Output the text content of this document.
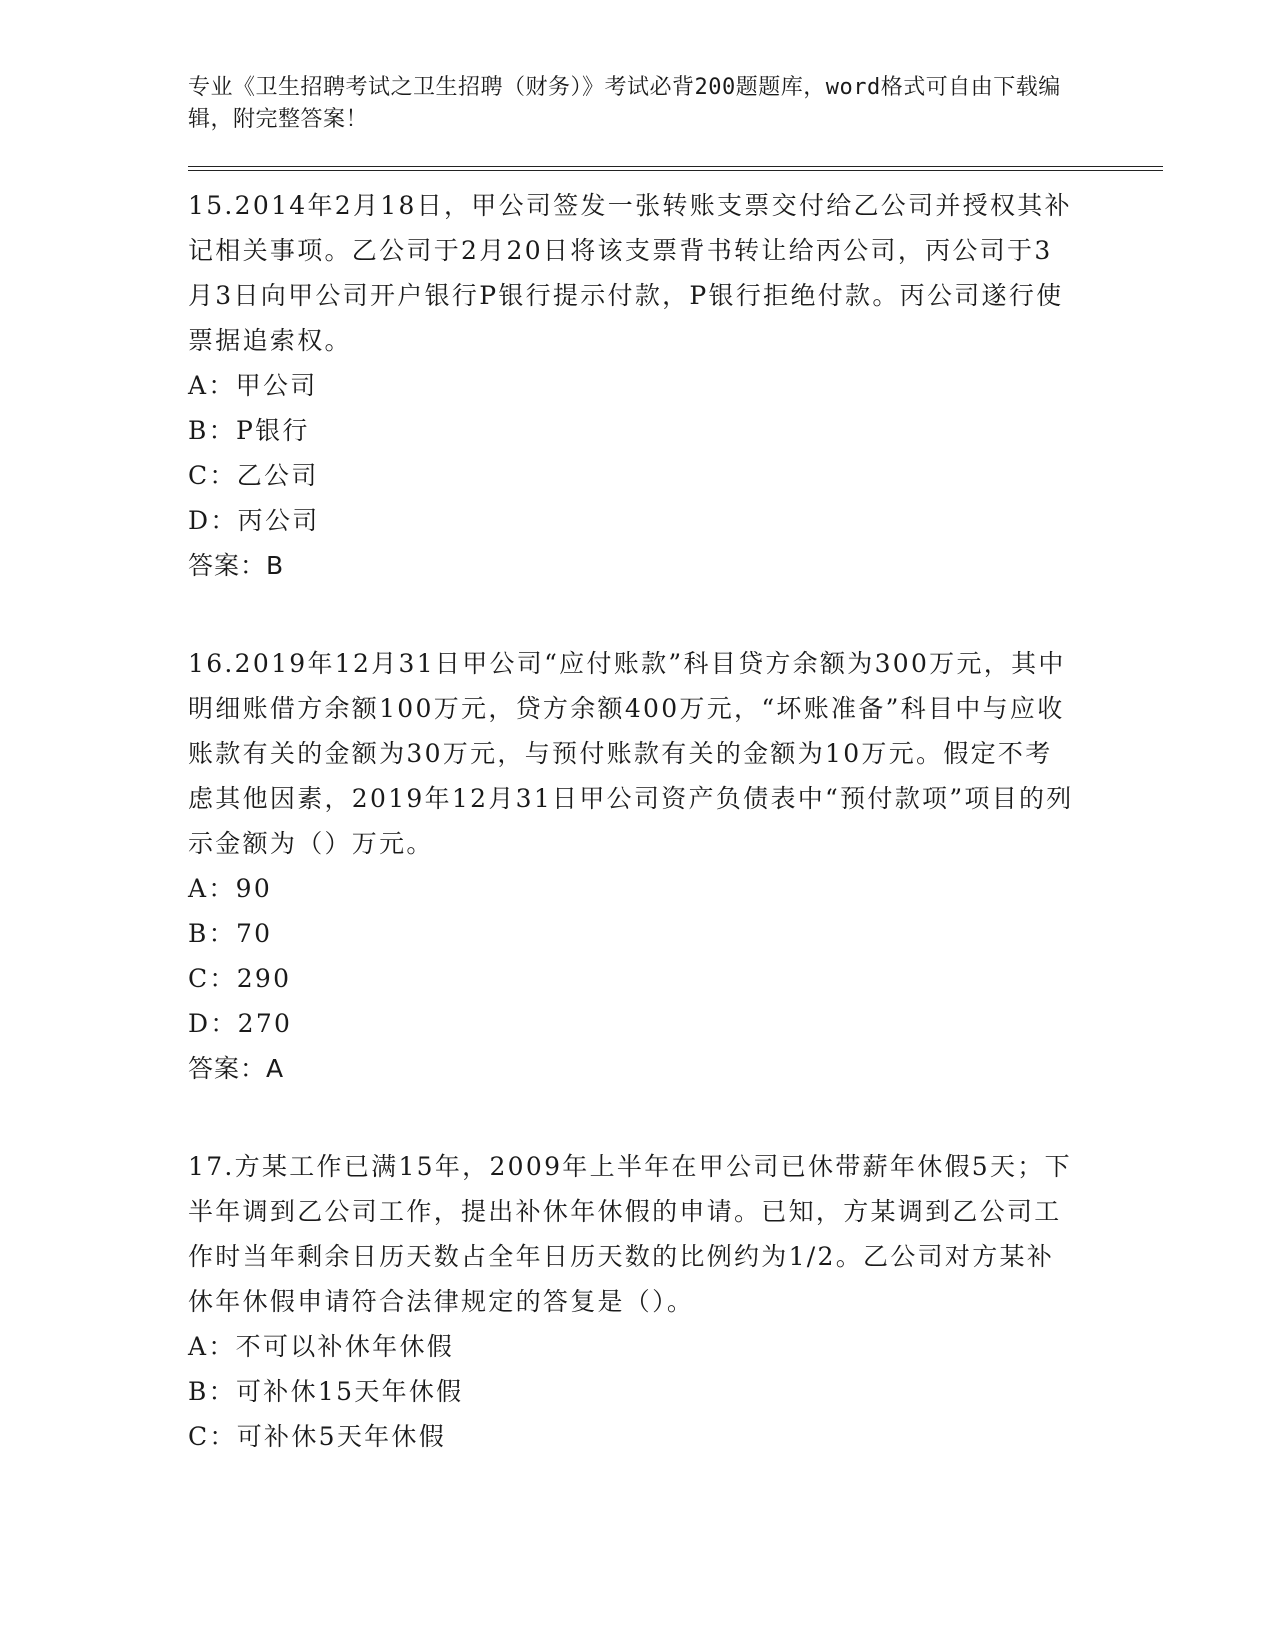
专业《卫生招聘考试之卫生招聘（财务）》考试必背200题题库，word格式可自由下载编辑，附完整答案！

15.2014年2月18日，甲公司签发一张转账支票交付给乙公司并授权其补记相关事项。乙公司于2月20日将该支票背书转让给丙公司，丙公司于3月3日向甲公司开户银行P银行提示付款，P银行拒绝付款。丙公司遂行使票据追索权。

A：甲公司

B：P银行

C：乙公司

D：丙公司

答案：B

16.2019年12月31日甲公司“应付账款”科目贷方余额为300万元，其中明细账借方余额100万元，贷方余额400万元，“坏账准备”科目中与应收账款有关的金额为30万元，与预付账款有关的金额为10万元。假定不考虑其他因素，2019年12月31日甲公司资产负债表中“预付款项”项目的列示金额为（）万元。

A：90

B：70

C：290

D：270

答案：A

17.方某工作已满15年，2009年上半年在甲公司已休带薪年休假5天；下半年调到乙公司工作，提出补休年休假的申请。已知，方某调到乙公司工作时当年剩余日历天数占全年日历天数的比例约为1/2。乙公司对方某补休年休假申请符合法律规定的答复是（）。

A：不可以补休年休假

B：可补休15天年休假

C：可补休5天年休假
